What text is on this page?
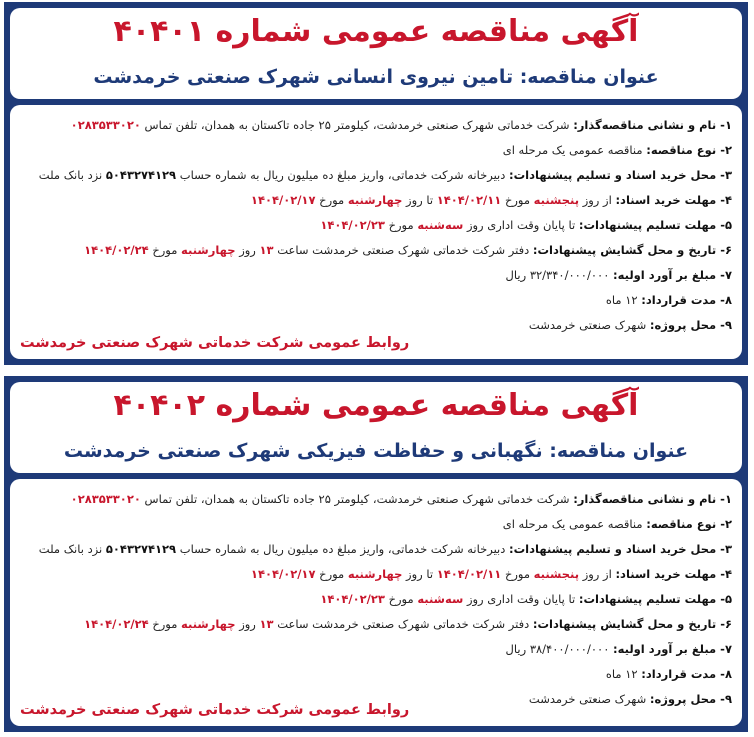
آگهی مناقصه عمومی شماره ۴۰۴۰۱
عنوان مناقصه: تامین نیروی انسانی شهرک صنعتی خرمدشت
۱- نام و نشانی مناقصه‌گذار: شرکت خدماتی شهرک صنعتی خرمدشت، کیلومتر ۲۵ جاده تاکستان به همدان، تلفن تماس ۰۲۸۳۵۳۳۰۲۰
۲- نوع مناقصه: مناقصه عمومی یک مرحله ای
۳- محل خرید اسناد و تسلیم پیشنهادات: دبیرخانه شرکت خدماتی، واریز مبلغ ده میلیون ریال به شماره حساب ۵۰۴۳۲۷۴۱۲۹ نزد بانک ملت
۴- مهلت خرید اسناد: از روز پنجشنبه مورخ ۱۴۰۴/۰۲/۱۱ تا روز چهارشنبه مورخ ۱۴۰۴/۰۲/۱۷
۵- مهلت تسلیم پیشنهادات: تا پایان وقت اداری روز سه‌شنبه مورخ ۱۴۰۴/۰۲/۲۳
۶- تاریخ و محل گشایش پیشنهادات: دفتر شرکت خدماتی شهرک صنعتی خرمدشت ساعت ۱۳ روز چهارشنبه مورخ ۱۴۰۴/۰۲/۲۴
۷- مبلغ بر آورد اولیه: ۳۲/۳۴۰/۰۰۰/۰۰۰ ریال
۸- مدت قرارداد: ۱۲ ماه
۹- محل پروژه: شهرک صنعتی خرمدشت
روابط عمومی شرکت خدماتی شهرک صنعتی خرمدشت
آگهی مناقصه عمومی شماره ۴۰۴۰۲
عنوان مناقصه: نگهبانی و حفاظت فیزیکی شهرک صنعتی خرمدشت
۱- نام و نشانی مناقصه‌گذار: شرکت خدماتی شهرک صنعتی خرمدشت، کیلومتر ۲۵ جاده تاکستان به همدان، تلفن تماس ۰۲۸۳۵۳۳۰۲۰
۲- نوع مناقصه: مناقصه عمومی یک مرحله ای
۳- محل خرید اسناد و تسلیم پیشنهادات: دبیرخانه شرکت خدماتی، واریز مبلغ ده میلیون ریال به شماره حساب ۵۰۴۳۲۷۴۱۲۹ نزد بانک ملت
۴- مهلت خرید اسناد: از روز پنجشنبه مورخ ۱۴۰۴/۰۲/۱۱ تا روز چهارشنبه مورخ ۱۴۰۴/۰۲/۱۷
۵- مهلت تسلیم پیشنهادات: تا پایان وقت اداری روز سه‌شنبه مورخ ۱۴۰۴/۰۲/۲۳
۶- تاریخ و محل گشایش پیشنهادات: دفتر شرکت خدماتی شهرک صنعتی خرمدشت ساعت ۱۳ روز چهارشنبه مورخ ۱۴۰۴/۰۲/۲۴
۷- مبلغ بر آورد اولیه: ۳۸/۴۰۰/۰۰۰/۰۰۰ ریال
۸- مدت قرارداد: ۱۲ ماه
۹- محل پروژه: شهرک صنعتی خرمدشت
روابط عمومی شرکت خدماتی شهرک صنعتی خرمدشت
